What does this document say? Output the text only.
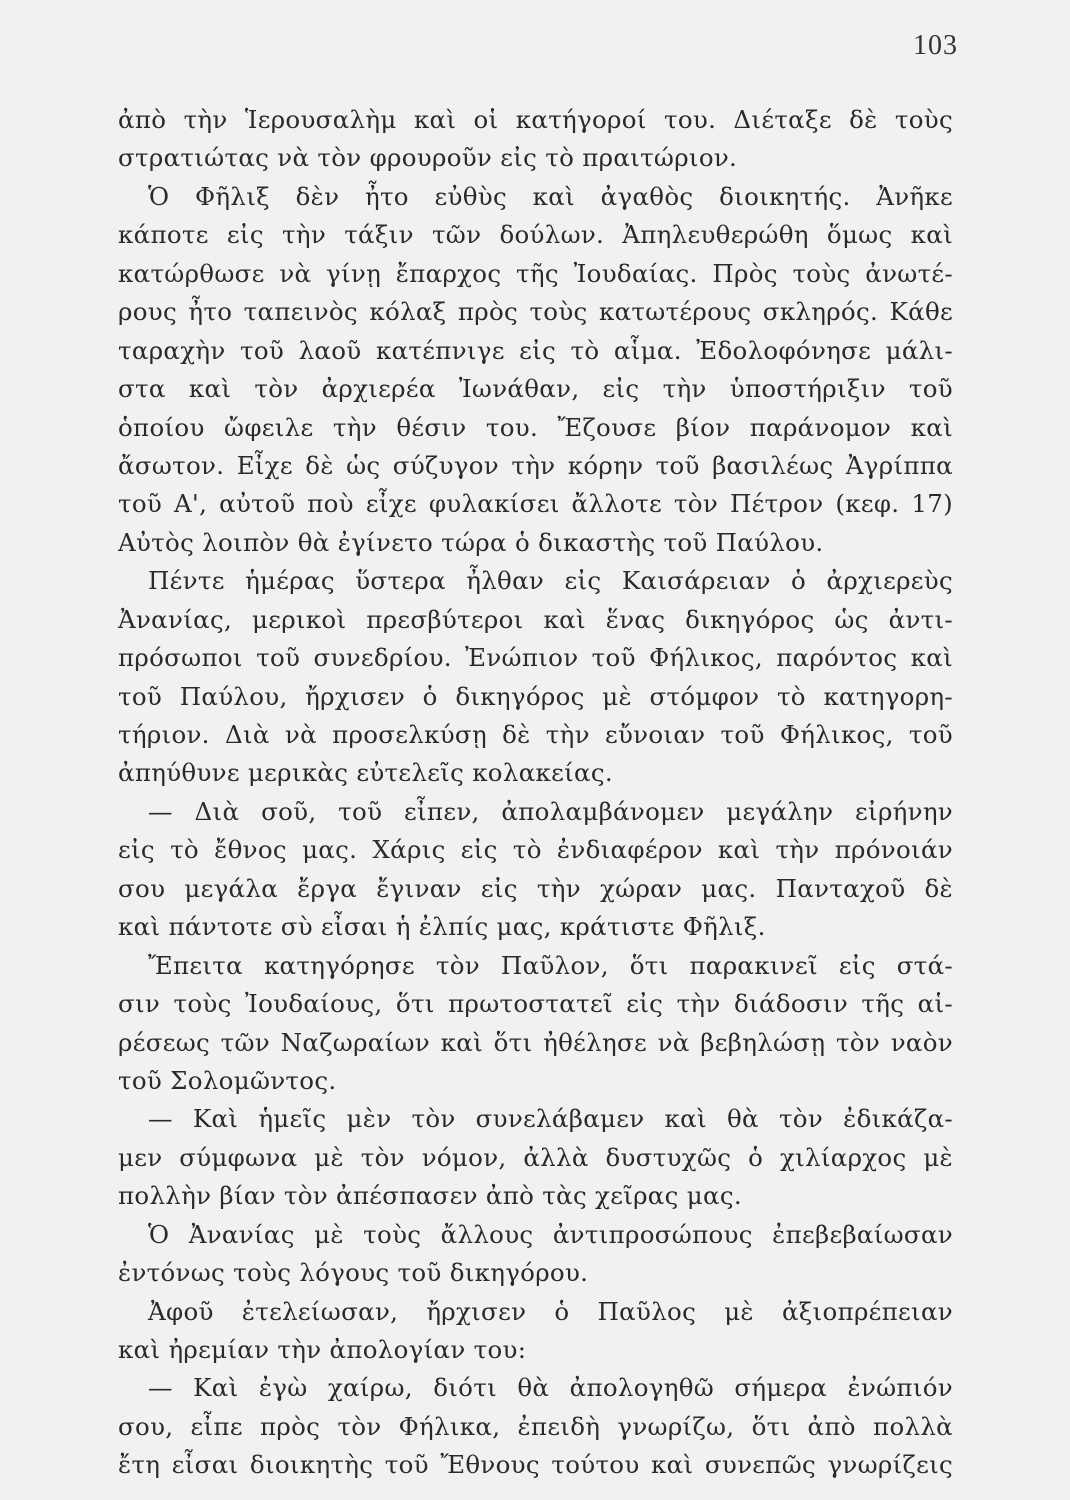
103
ἀπὸ τὴν Ἱερουσαλὴμ καὶ οἱ κατήγοροί του. Διέταξε δὲ τοὺς
στρατιώτας νὰ τὸν φρουροῦν εἰς τὸ πραιτώριον.
Ὁ Φῆλιξ δὲν ἦτο εὐθὺς καὶ ἀγαθὸς διοικητής. Ἀνῆκε
κάποτε εἰς τὴν τάξιν τῶν δούλων. Ἀπηλευθερώθη ὅμως καὶ
κατώρθωσε νὰ γίνῃ ἔπαρχος τῆς Ἰουδαίας. Πρὸς τοὺς ἀνωτέ-
ρους ἦτο ταπεινὸς κόλαξ πρὸς τοὺς κατωτέρους σκληρός. Κάθε
ταραχὴν τοῦ λαοῦ κατέπνιγε εἰς τὸ αἷμα. Ἐδολοφόνησε μάλι-
στα καὶ τὸν ἀρχιερέα Ἰωνάθαν, εἰς τὴν ὑποστήριξιν τοῦ
ὁποίου ὤφειλε τὴν θέσιν του. Ἔζουσε βίον παράνομον καὶ
ἄσωτον. Εἶχε δὲ ὡς σύζυγον τὴν κόρην τοῦ βασιλέως Ἀγρίππα
τοῦ Α', αὐτοῦ ποὺ εἶχε φυλακίσει ἄλλοτε τὸν Πέτρον (κεφ. 17)
Αὐτὸς λοιπὸν θὰ ἐγίνετο τώρα ὁ δικαστὴς τοῦ Παύλου.
Πέντε ἡμέρας ὕστερα ἦλθαν εἰς Καισάρειαν ὁ ἀρχιερεὺς
Ἀνανίας, μερικοὶ πρεσβύτεροι καὶ ἕνας δικηγόρος ὡς ἀντι-
πρόσωποι τοῦ συνεδρίου. Ἐνώπιον τοῦ Φήλικος, παρόντος καὶ
τοῦ Παύλου, ἤρχισεν ὁ δικηγόρος μὲ στόμφον τὸ κατηγορη-
τήριον. Διὰ νὰ προσελκύσῃ δὲ τὴν εὔνοιαν τοῦ Φήλικος, τοῦ
ἀπηύθυνε μερικὰς εὐτελεῖς κολακείας.
— Διὰ σοῦ, τοῦ εἶπεν, ἀπολαμβάνομεν μεγάλην εἰρήνην
εἰς τὸ ἔθνος μας. Χάρις εἰς τὸ ἐνδιαφέρον καὶ τὴν πρόνοιάν
σου μεγάλα ἔργα ἔγιναν εἰς τὴν χώραν μας. Πανταχοῦ δὲ
καὶ πάντοτε σὺ εἶσαι ἡ ἐλπίς μας, κράτιστε Φῆλιξ.
Ἔπειτα κατηγόρησε τὸν Παῦλον, ὅτι παρακινεῖ εἰς στά-
σιν τοὺς Ἰουδαίους, ὅτι πρωτοστατεῖ εἰς τὴν διάδοσιν τῆς αἱ-
ρέσεως τῶν Ναζωραίων καὶ ὅτι ἠθέλησε νὰ βεβηλώσῃ τὸν ναὸν
τοῦ Σολομῶντος.
— Καὶ ἡμεῖς μὲν τὸν συνελάβαμεν καὶ θὰ τὸν ἐδικάζα-
μεν σύμφωνα μὲ τὸν νόμον, ἀλλὰ δυστυχῶς ὁ χιλίαρχος μὲ
πολλὴν βίαν τὸν ἀπέσπασεν ἀπὸ τὰς χεῖρας μας.
Ὁ Ἀνανίας μὲ τοὺς ἄλλους ἀντιπροσώπους ἐπεβεβαίωσαν
ἐντόνως τοὺς λόγους τοῦ δικηγόρου.
Ἀφοῦ ἐτελείωσαν, ἤρχισεν ὁ Παῦλος μὲ ἀξιοπρέπειαν
καὶ ἠρεμίαν τὴν ἀπολογίαν του:
— Καὶ ἐγὼ χαίρω, διότι θὰ ἀπολογηθῶ σήμερα ἐνώπιόν
σου, εἶπε πρὸς τὸν Φήλικα, ἐπειδὴ γνωρίζω, ὅτι ἀπὸ πολλὰ
ἔτη εἶσαι διοικητὴς τοῦ Ἔθνους τούτου καὶ συνεπῶς γνωρίζεις
